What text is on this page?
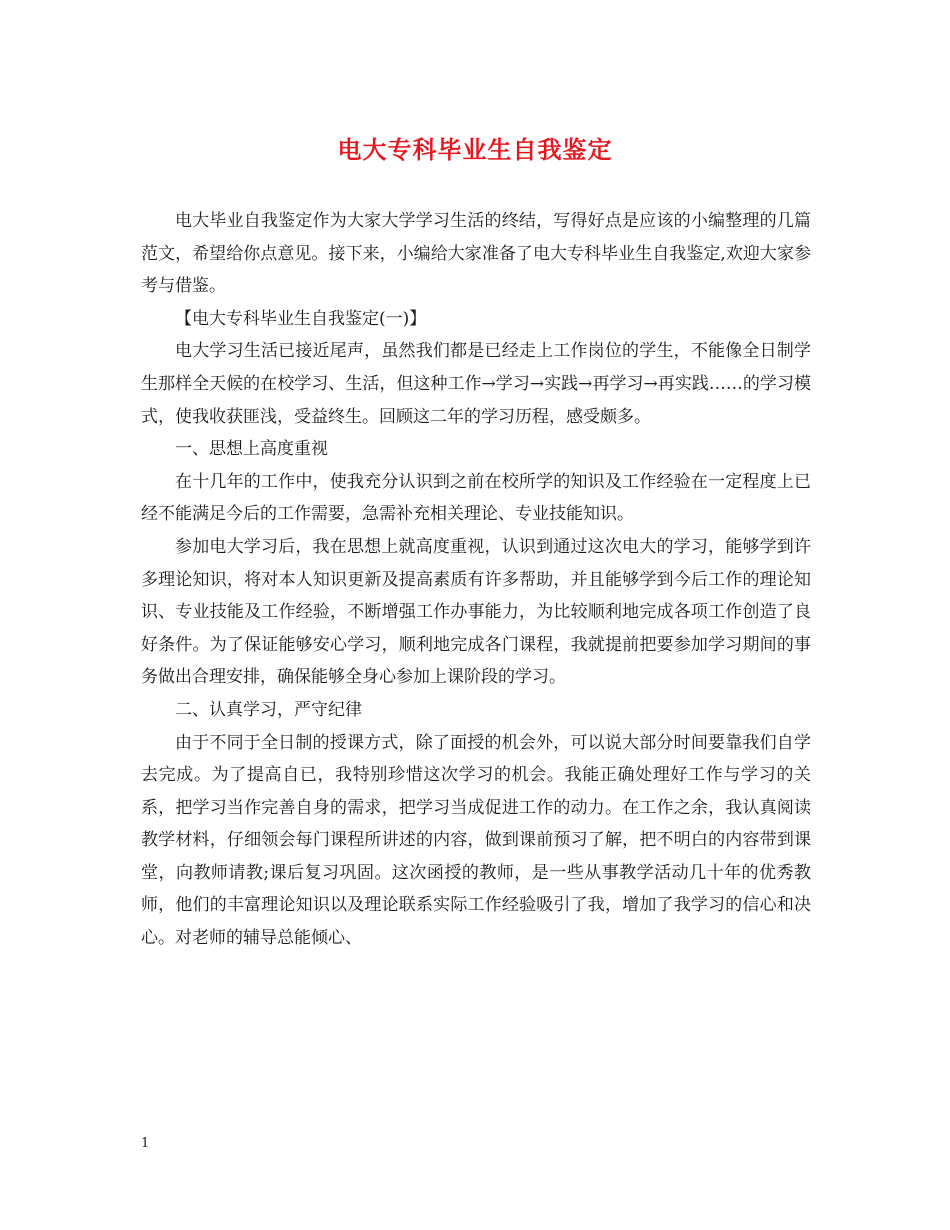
电大专科毕业生自我鉴定

电大毕业自我鉴定作为大家大学学习生活的终结，写得好点是应该的小编整理的几篇范文，希望给你点意见。接下来，小编给大家准备了电大专科毕业生自我鉴定,欢迎大家参考与借鉴。

【电大专科毕业生自我鉴定(一)】

电大学习生活已接近尾声，虽然我们都是已经走上工作岗位的学生，不能像全日制学生那样全天候的在校学习、生活，但这种工作→学习→实践→再学习→再实践……的学习模式，使我收获匪浅，受益终生。回顾这二年的学习历程，感受颇多。

一、思想上高度重视

在十几年的工作中，使我充分认识到之前在校所学的知识及工作经验在一定程度上已经不能满足今后的工作需要，急需补充相关理论、专业技能知识。

参加电大学习后，我在思想上就高度重视，认识到通过这次电大的学习，能够学到许多理论知识，将对本人知识更新及提高素质有许多帮助，并且能够学到今后工作的理论知识、专业技能及工作经验，不断增强工作办事能力，为比较顺利地完成各项工作创造了良好条件。为了保证能够安心学习，顺利地完成各门课程，我就提前把要参加学习期间的事务做出合理安排，确保能够全身心参加上课阶段的学习。

二、认真学习，严守纪律

由于不同于全日制的授课方式，除了面授的机会外，可以说大部分时间要靠我们自学去完成。为了提高自已，我特别珍惜这次学习的机会。我能正确处理好工作与学习的关系，把学习当作完善自身的需求，把学习当成促进工作的动力。在工作之余，我认真阅读教学材料，仔细领会每门课程所讲述的内容，做到课前预习了解，把不明白的内容带到课堂，向教师请教;课后复习巩固。这次函授的教师，是一些从事教学活动几十年的优秀教师，他们的丰富理论知识以及理论联系实际工作经验吸引了我，增加了我学习的信心和决心。对老师的辅导总能倾心、

1
